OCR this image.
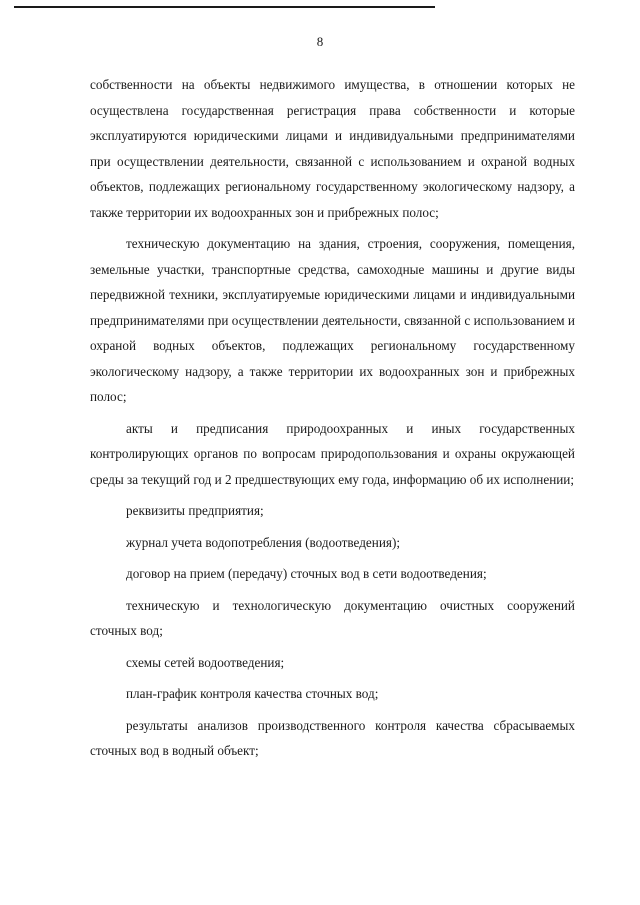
8

собственности на объекты недвижимого имущества, в отношении которых не осуществлена государственная регистрация права собственности и которые эксплуатируются юридическими лицами и индивидуальными предпринимателями при осуществлении деятельности, связанной с использованием и охраной водных объектов, подлежащих региональному государственному экологическому надзору, а также территории их водоохранных зон и прибрежных полос;

техническую документацию на здания, строения, сооружения, помещения, земельные участки, транспортные средства, самоходные машины и другие виды передвижной техники, эксплуатируемые юридическими лицами и индивидуальными предпринимателями при осуществлении деятельности, связанной с использованием и охраной водных объектов, подлежащих региональному государственному экологическому надзору, а также территории их водоохранных зон и прибрежных полос;

акты и предписания природоохранных и иных государственных контролирующих органов по вопросам природопользования и охраны окружающей среды за текущий год и 2 предшествующих ему года, информацию об их исполнении;

реквизиты предприятия;

журнал учета водопотребления (водоотведения);

договор на прием (передачу) сточных вод в сети водоотведения;

техническую и технологическую документацию очистных сооружений сточных вод;

схемы сетей водоотведения;

план-график контроля качества сточных вод;

результаты анализов производственного контроля качества сбрасываемых сточных вод в водный объект;
